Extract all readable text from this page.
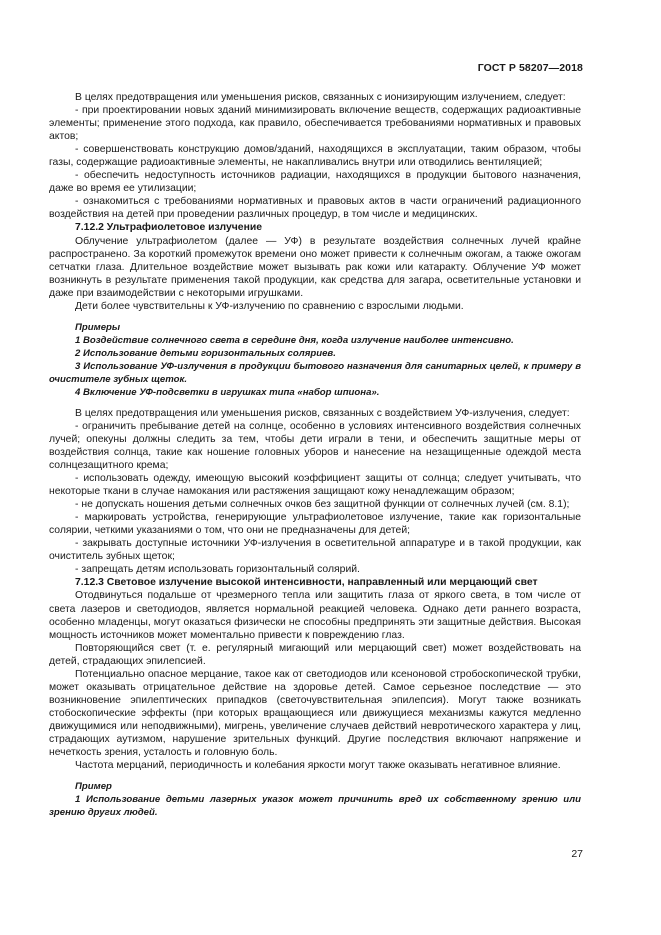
ГОСТ Р 58207—2018

В целях предотвращения или уменьшения рисков, связанных с ионизирующим излучением, следует:

- при проектировании новых зданий минимизировать включение веществ, содержащих радиоактивные элементы; применение этого подхода, как правило, обеспечивается требованиями нормативных и правовых актов;

- совершенствовать конструкцию домов/зданий, находящихся в эксплуатации, таким образом, чтобы газы, содержащие радиоактивные элементы, не накапливались внутри или отводились вентиляцией;

- обеспечить недоступность источников радиации, находящихся в продукции бытового назначения, даже во время ее утилизации;

- ознакомиться с требованиями нормативных и правовых актов в части ограничений радиационного воздействия на детей при проведении различных процедур, в том числе и медицинских.

7.12.2 Ультрафиолетовое излучение

Облучение ультрафиолетом (далее — УФ) в результате воздействия солнечных лучей крайне распространено. За короткий промежуток времени оно может привести к солнечным ожогам, а также ожогам сетчатки глаза. Длительное воздействие может вызывать рак кожи или катаракту. Облучение УФ может возникнуть в результате применения такой продукции, как средства для загара, осветительные установки и даже при взаимодействии с некоторыми игрушками.

Дети более чувствительны к УФ-излучению по сравнению с взрослыми людьми.

Примеры

1 Воздействие солнечного света в середине дня, когда излучение наиболее интенсивно.

2 Использование детьми горизонтальных соляриев.

3 Использование УФ-излучения в продукции бытового назначения для санитарных целей, к примеру в очистителе зубных щеток.

4 Включение УФ-подсветки в игрушках типа «набор шпиона».

В целях предотвращения или уменьшения рисков, связанных с воздействием УФ-излучения, следует:

- ограничить пребывание детей на солнце, особенно в условиях интенсивного воздействия солнечных лучей; опекуны должны следить за тем, чтобы дети играли в тени, и обеспечить защитные меры от воздействия солнца, такие как ношение головных уборов и нанесение на незащищенные одеждой места солнцезащитного крема;

- использовать одежду, имеющую высокий коэффициент защиты от солнца; следует учитывать, что некоторые ткани в случае намокания или растяжения защищают кожу ненадлежащим образом;

- не допускать ношения детьми солнечных очков без защитной функции от солнечных лучей (см. 8.1);

- маркировать устройства, генерирующие ультрафиолетовое излучение, такие как горизонтальные солярии, четкими указаниями о том, что они не предназначены для детей;

- закрывать доступные источники УФ-излучения в осветительной аппаратуре и в такой продукции, как очиститель зубных щеток;

- запрещать детям использовать горизонтальный солярий.

7.12.3 Световое излучение высокой интенсивности, направленный или мерцающий свет

Отодвинуться подальше от чрезмерного тепла или защитить глаза от яркого света, в том числе от света лазеров и светодиодов, является нормальной реакцией человека. Однако дети раннего возраста, особенно младенцы, могут оказаться физически не способны предпринять эти защитные действия. Высокая мощность источников может моментально привести к повреждению глаз.

Повторяющийся свет (т. е. регулярный мигающий или мерцающий свет) может воздействовать на детей, страдающих эпилепсией.

Потенциально опасное мерцание, такое как от светодиодов или ксеноновой стробоскопической трубки, может оказывать отрицательное действие на здоровье детей. Самое серьезное последствие — это возникновение эпилептических припадков (светочувствительная эпилепсия). Могут также возникать стобоскопические эффекты (при которых вращающиеся или движущиеся механизмы кажутся медленно движущимися или неподвижными), мигрень, увеличение случаев действий невротического характера у лиц, страдающих аутизмом, нарушение зрительных функций. Другие последствия включают напряжение и нечеткость зрения, усталость и головную боль.

Частота мерцаний, периодичность и колебания яркости могут также оказывать негативное влияние.

Пример

1 Использование детьми лазерных указок может причинить вред их собственному зрению или зрению других людей.

27
